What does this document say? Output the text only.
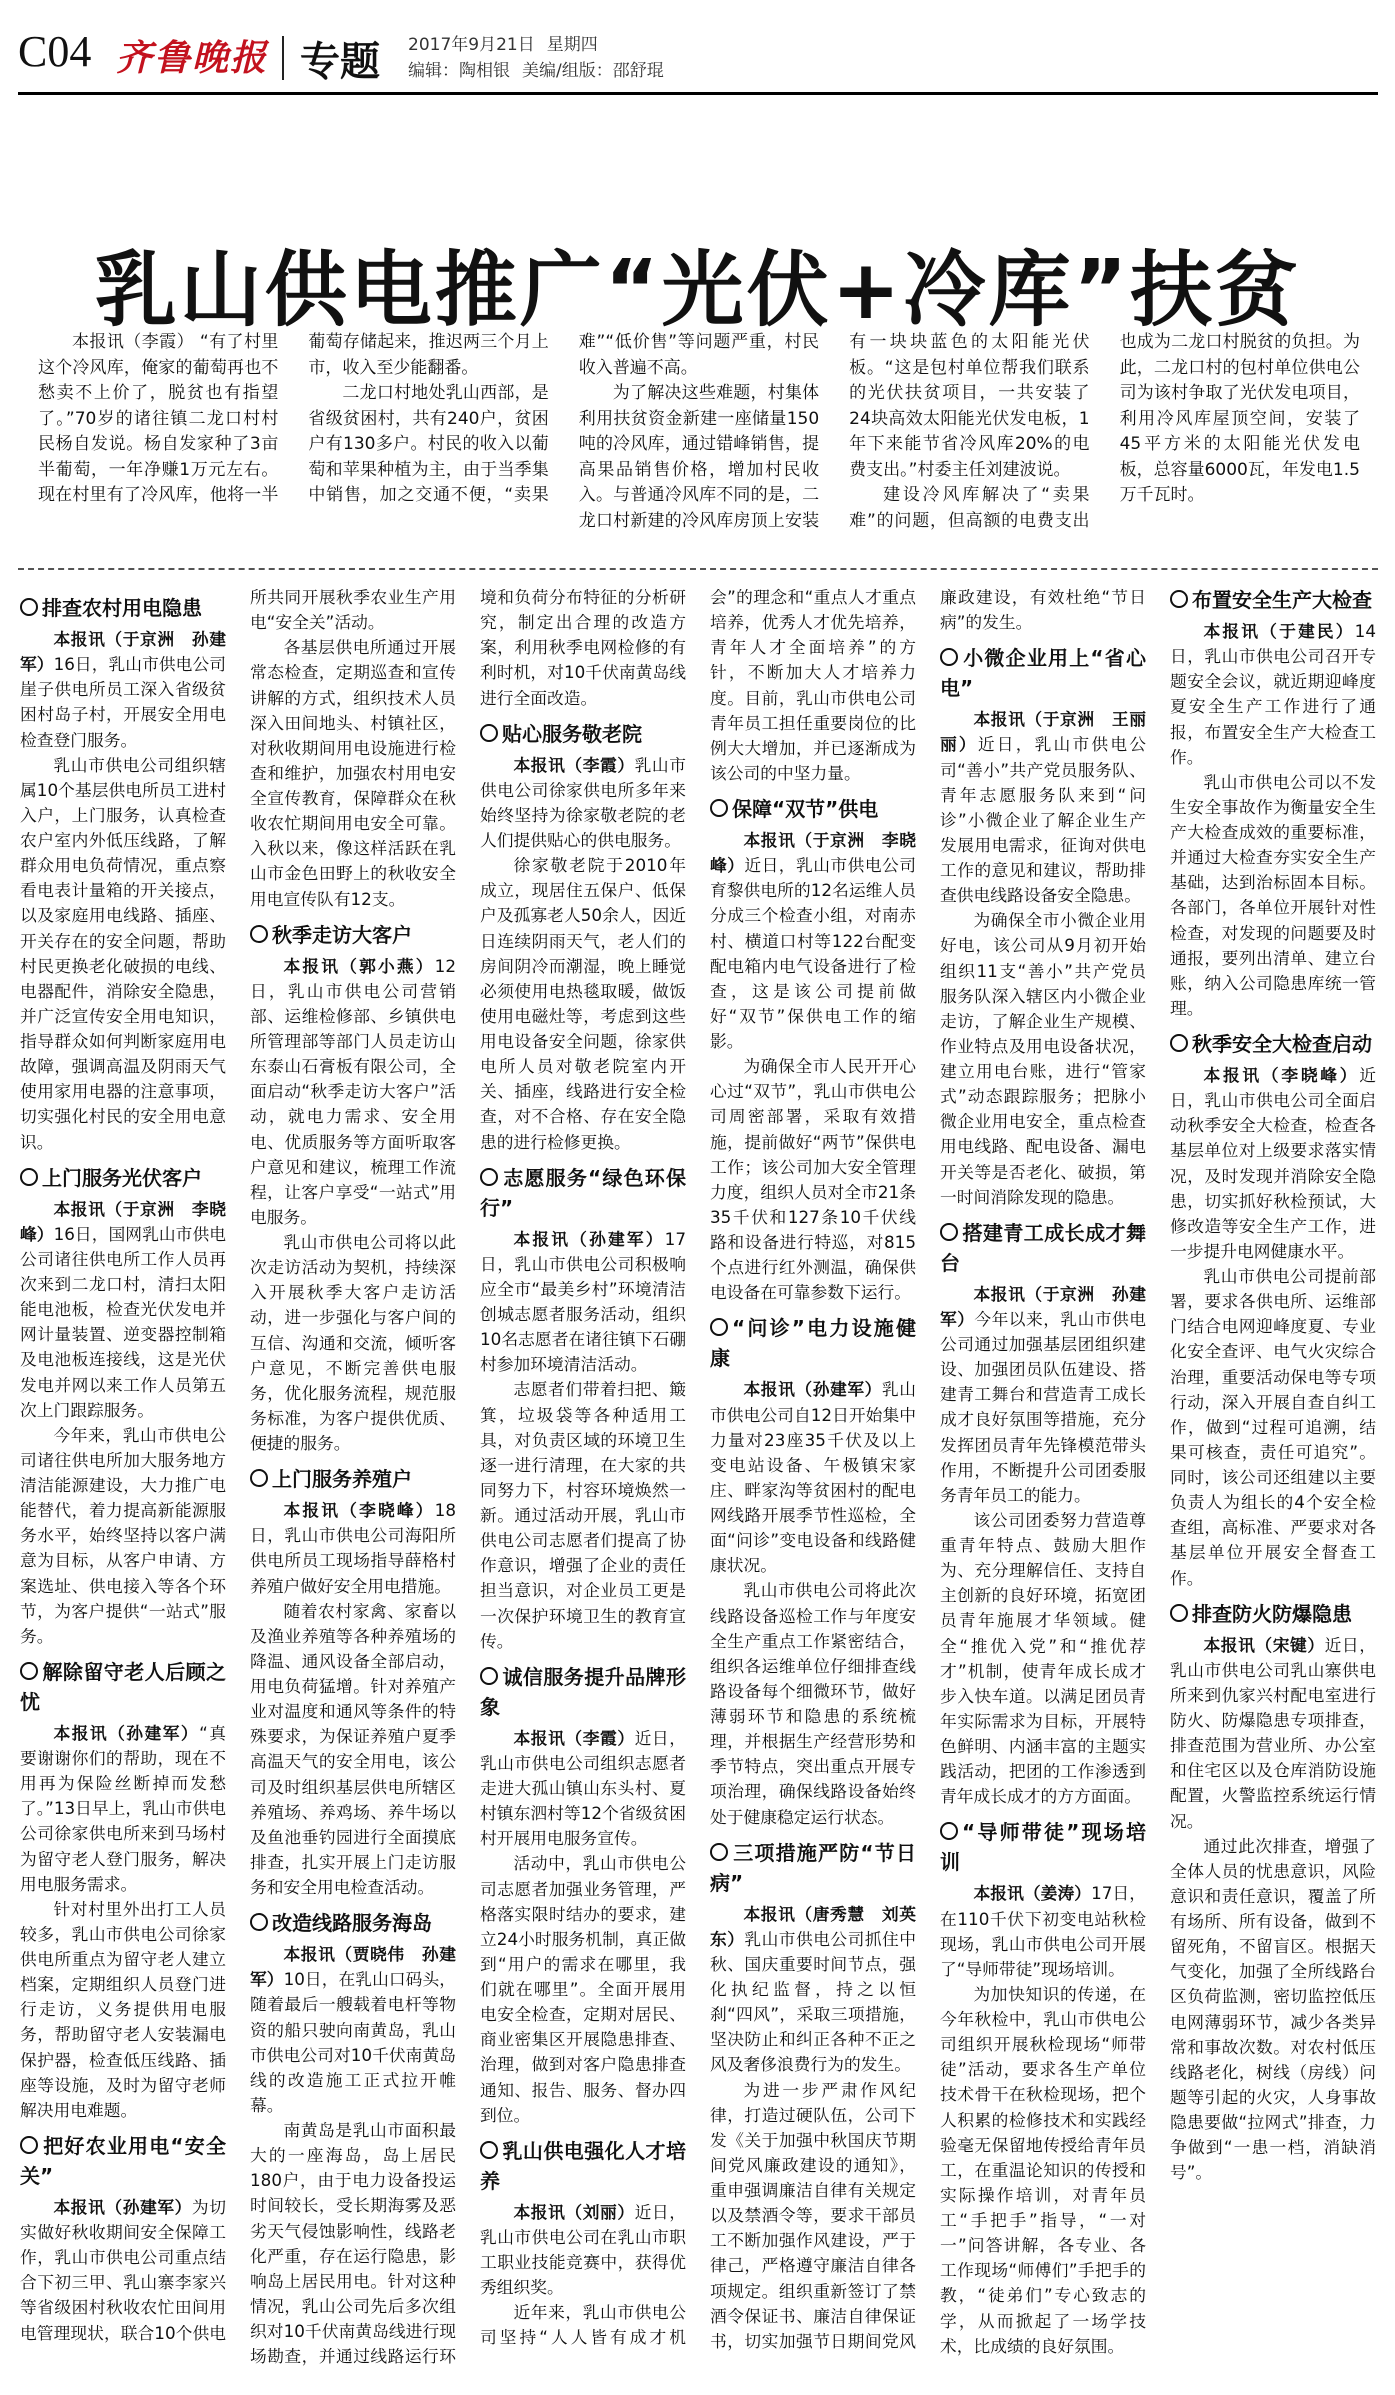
C04 齐鲁晚报 专题 2017年9月21日 星期四
编辑：陶相银 美编/组版：邵舒琨
乳山供电推广“光伏+冷库”扶贫

本报讯（李霞） “有了村里这个冷风库，俺家的葡萄再也不愁卖不上价了，脱贫也有指望了。”70岁的诸往镇二龙口村村民杨自发说。杨自发家种了3亩半葡萄，一年净赚1万元左右。现在村里有了冷风库，他将一半葡萄存储起来，推迟两三个月上市，收入至少能翻番。

二龙口村地处乳山西部，是省级贫困村，共有240户，贫困户有130多户。村民的收入以葡萄和苹果种植为主，由于当季集中销售，加之交通不便，“卖果难”“低价售”等问题严重，村民收入普遍不高。

为了解决这些难题，村集体利用扶贫资金新建一座储量150吨的冷风库，通过错峰销售，提高果品销售价格，增加村民收入。与普通冷风库不同的是，二龙口村新建的冷风库房顶上安装有一块块蓝色的太阳能光伏板。“这是包村单位帮我们联系的光伏扶贫项目，一共安装了24块高效太阳能光伏发电板，1年下来能节省冷风库20%的电费支出。”村委主任刘建波说。

建设冷风库解决了“卖果难”的问题，但高额的电费支出也成为二龙口村脱贫的负担。为此，二龙口村的包村单位供电公司为该村争取了光伏发电项目，利用冷风库屋顶空间，安装了45平方米的太阳能光伏发电板，总容量6000瓦，年发电1.5万千瓦时。

排查农村用电隐患

本报讯（于京洲　孙建军）16日，乳山市供电公司崖子供电所员工深入省级贫困村岛子村，开展安全用电检查登门服务。

乳山市供电公司组织辖属10个基层供电所员工进村入户，上门服务，认真检查农户室内外低压线路，了解群众用电负荷情况，重点察看电表计量箱的开关接点，以及家庭用电线路、插座、开关存在的安全问题，帮助村民更换老化破损的电线、电器配件，消除安全隐患，并广泛宣传安全用电知识，指导群众如何判断家庭用电故障，强调高温及阴雨天气使用家用电器的注意事项，切实强化村民的安全用电意识。

上门服务光伏客户

本报讯（于京洲　李晓峰）16日，国网乳山市供电公司诸往供电所工作人员再次来到二龙口村，清扫太阳能电池板，检查光伏发电并网计量装置、逆变器控制箱及电池板连接线，这是光伏发电并网以来工作人员第五次上门跟踪服务。

今年来，乳山市供电公司诸往供电所加大服务地方清洁能源建设，大力推广电能替代，着力提高新能源服务水平，始终坚持以客户满意为目标，从客户申请、方案选址、供电接入等各个环节，为客户提供“一站式”服务。

解除留守老人后顾之忧

本报讯（孙建军）“真要谢谢你们的帮助，现在不用再为保险丝断掉而发愁了。”13日早上，乳山市供电公司徐家供电所来到马场村为留守老人登门服务，解决用电服务需求。

针对村里外出打工人员较多，乳山市供电公司徐家供电所重点为留守老人建立档案，定期组织人员登门进行走访，义务提供用电服务，帮助留守老人安装漏电保护器，检查低压线路、插座等设施，及时为留守老师解决用电难题。

把好农业用电“安全关”

本报讯（孙建军）为切实做好秋收期间安全保障工作，乳山市供电公司重点结合下初三甲、乳山寨李家兴等省级困村秋收农忙田间用电管理现状，联合10个供电所共同开展秋季农业生产用电“安全关”活动。

各基层供电所通过开展常态检查，定期巡查和宣传讲解的方式，组织技术人员深入田间地头、村镇社区，对秋收期间用电设施进行检查和维护，加强农村用电安全宣传教育，保障群众在秋收农忙期间用电安全可靠。入秋以来，像这样活跃在乳山市金色田野上的秋收安全用电宣传队有12支。

秋季走访大客户

本报讯（郭小燕）12日，乳山市供电公司营销部、运维检修部、乡镇供电所管理部等部门人员走访山东泰山石膏板有限公司，全面启动“秋季走访大客户”活动，就电力需求、安全用电、优质服务等方面听取客户意见和建议，梳理工作流程，让客户享受“一站式”用电服务。

乳山市供电公司将以此次走访活动为契机，持续深入开展秋季大客户走访活动，进一步强化与客户间的互信、沟通和交流，倾听客户意见，不断完善供电服务，优化服务流程，规范服务标准，为客户提供优质、便捷的服务。

上门服务养殖户

本报讯（李晓峰）18日，乳山市供电公司海阳所供电所员工现场指导薛格村养殖户做好安全用电措施。

随着农村家禽、家畜以及渔业养殖等各种养殖场的降温、通风设备全部启动，用电负荷猛增。针对养殖产业对温度和通风等条件的特殊要求，为保证养殖户夏季高温天气的安全用电，该公司及时组织基层供电所辖区养殖场、养鸡场、养牛场以及鱼池垂钓园进行全面摸底排查，扎实开展上门走访服务和安全用电检查活动。

改造线路服务海岛

本报讯（贾晓伟　孙建军）10日，在乳山口码头，随着最后一艘载着电杆等物资的船只驶向南黄岛，乳山市供电公司对10千伏南黄岛线的改造施工正式拉开帷幕。

南黄岛是乳山市面积最大的一座海岛，岛上居民180户，由于电力设备投运时间较长，受长期海雾及恶劣天气侵蚀影响性，线路老化严重，存在运行隐患，影响岛上居民用电。针对这种情况，乳山公司先后多次组织对10千伏南黄岛线进行现场勘查，并通过线路运行环境和负荷分布特征的分析研究，制定出合理的改造方案，利用秋季电网检修的有利时机，对10千伏南黄岛线进行全面改造。

贴心服务敬老院

本报讯（李霞）乳山市供电公司徐家供电所多年来始终坚持为徐家敬老院的老人们提供贴心的供电服务。

徐家敬老院于2010年成立，现居住五保户、低保户及孤寡老人50余人，因近日连续阴雨天气，老人们的房间阴冷而潮湿，晚上睡觉必须使用电热毯取暖，做饭使用电磁灶等，考虑到这些用电设备安全问题，徐家供电所人员对敬老院室内开关、插座，线路进行安全检查，对不合格、存在安全隐患的进行检修更换。

志愿服务“绿色环保行”

本报讯（孙建军）17日，乳山市供电公司积极响应全市“最美乡村”环境清洁创城志愿者服务活动，组织10名志愿者在诸往镇下石硼村参加环境清洁活动。

志愿者们带着扫把、簸箕，垃圾袋等各种适用工具，对负责区域的环境卫生逐一进行清理，在大家的共同努力下，村容环境焕然一新。通过活动开展，乳山市供电公司志愿者们提高了协作意识，增强了企业的责任担当意识，对企业员工更是一次保护环境卫生的教育宣传。

诚信服务提升品牌形象

本报讯（李霞）近日，乳山市供电公司组织志愿者走进大孤山镇山东头村、夏村镇东泗村等12个省级贫困村开展用电服务宣传。

活动中，乳山市供电公司志愿者加强业务管理，严格落实限时结办的要求，建立24小时服务机制，真正做到“用户的需求在哪里，我们就在哪里”。全面开展用电安全检查，定期对居民、商业密集区开展隐患排查、治理，做到对客户隐患排查通知、报告、服务、督办四到位。

乳山供电强化人才培养

本报讯（刘丽）近日，乳山市供电公司在乳山市职工职业技能竞赛中，获得优秀组织奖。

近年来，乳山市供电公司坚持“人人皆有成才机会”的理念和“重点人才重点培养，优秀人才优先培养，青年人才全面培养”的方针，不断加大人才培养力度。目前，乳山市供电公司青年员工担任重要岗位的比例大大增加，并已逐渐成为该公司的中坚力量。

保障“双节”供电

本报讯（于京洲　李晓峰）近日，乳山市供电公司育黎供电所的12名运维人员分成三个检查小组，对南赤村、横道口村等122台配变配电箱内电气设备进行了检查，这是该公司提前做好“双节”保供电工作的缩影。

为确保全市人民开开心心过“双节”，乳山市供电公司周密部署，采取有效措施，提前做好“两节”保供电工作；该公司加大安全管理力度，组织人员对全市21条35千伏和127条10千伏线路和设备进行特巡，对815个点进行红外测温，确保供电设备在可靠参数下运行。

“问诊”电力设施健康

本报讯（孙建军）乳山市供电公司自12日开始集中力量对23座35千伏及以上变电站设备、午极镇宋家庄、畔家沟等贫困村的配电网线路开展季节性巡检，全面“问诊”变电设备和线路健康状况。

乳山市供电公司将此次线路设备巡检工作与年度安全生产重点工作紧密结合，组织各运维单位仔细排查线路设备每个细微环节，做好薄弱环节和隐患的系统梳理，并根据生产经营形势和季节特点，突出重点开展专项治理，确保线路设备始终处于健康稳定运行状态。

三项措施严防“节日病”

本报讯（唐秀慧　刘英东）乳山市供电公司抓住中秋、国庆重要时间节点，强化执纪监督，持之以恒刹“四风”，采取三项措施，坚决防止和纠正各种不正之风及奢侈浪费行为的发生。

为进一步严肃作风纪律，打造过硬队伍，公司下发《关于加强中秋国庆节期间党风廉政建设的通知》，重申强调廉洁自律有关规定以及禁酒令等，要求干部员工不断加强作风建设，严于律己，严格遵守廉洁自律各项规定。组织重新签订了禁酒令保证书、廉洁自律保证书，切实加强节日期间党风廉政建设，有效杜绝“节日病”的发生。

小微企业用上“省心电”

本报讯（于京洲　王丽丽）近日，乳山市供电公司“善小”共产党员服务队、青年志愿服务队来到“问诊”小微企业了解企业生产发展用电需求，征询对供电工作的意见和建议，帮助排查供电线路设备安全隐患。

为确保全市小微企业用好电，该公司从9月初开始组织11支“善小”共产党员服务队深入辖区内小微企业走访，了解企业生产规模、作业特点及用电设备状况，建立用电台账，进行“管家式”动态跟踪服务；把脉小微企业用电安全，重点检查用电线路、配电设备、漏电开关等是否老化、破损，第一时间消除发现的隐患。

搭建青工成长成才舞台

本报讯（于京洲　孙建军）今年以来，乳山市供电公司通过加强基层团组织建设、加强团员队伍建设、搭建青工舞台和营造青工成长成才良好氛围等措施，充分发挥团员青年先锋模范带头作用，不断提升公司团委服务青年员工的能力。

该公司团委努力营造尊重青年特点、鼓励大胆作为、充分理解信任、支持自主创新的良好环境，拓宽团员青年施展才华领域。健全“推优入党”和“推优荐才”机制，使青年成长成才步入快车道。以满足团员青年实际需求为目标，开展特色鲜明、内涵丰富的主题实践活动，把团的工作渗透到青年成长成才的方方面面。

“导师带徒”现场培训

本报讯（姜涛）17日，在110千伏下初变电站秋检现场，乳山市供电公司开展了“导师带徒”现场培训。

为加快知识的传递，在今年秋检中，乳山市供电公司组织开展秋检现场“师带徒”活动，要求各生产单位技术骨干在秋检现场，把个人积累的检修技术和实践经验毫无保留地传授给青年员工，在重温论知识的传授和实际操作培训，对青年员工“手把手”指导，“一对一”问答讲解，各专业、各工作现场“师傅们”手把手的教，“徒弟们”专心致志的学，从而掀起了一场学技术，比成绩的良好氛围。

布置安全生产大检查

本报讯（于建民）14日，乳山市供电公司召开专题安全会议，就近期迎峰度夏安全生产工作进行了通报，布置安全生产大检查工作。

乳山市供电公司以不发生安全事故作为衡量安全生产大检查成效的重要标准，并通过大检查夯实安全生产基础，达到治标固本目标。各部门，各单位开展针对性检查，对发现的问题要及时通报，要列出清单、建立台账，纳入公司隐患库统一管理。

秋季安全大检查启动

本报讯（李晓峰）近日，乳山市供电公司全面启动秋季安全大检查，检查各基层单位对上级要求落实情况，及时发现并消除安全隐患，切实抓好秋检预试，大修改造等安全生产工作，进一步提升电网健康水平。

乳山市供电公司提前部署，要求各供电所、运维部门结合电网迎峰度夏、专业化安全查评、电气火灾综合治理，重要活动保电等专项行动，深入开展自查自纠工作，做到“过程可追溯，结果可核查，责任可追究”。同时，该公司还组建以主要负责人为组长的4个安全检查组，高标准、严要求对各基层单位开展安全督查工作。

排查防火防爆隐患

本报讯（宋键）近日，乳山市供电公司乳山寨供电所来到仇家兴村配电室进行防火、防爆隐患专项排查，排查范围为营业所、办公室和住宅区以及仓库消防设施配置，火警监控系统运行情况。

通过此次排查，增强了全体人员的忧患意识，风险意识和责任意识，覆盖了所有场所、所有设备，做到不留死角，不留盲区。根据天气变化，加强了全所线路台区负荷监测，密切监控低压电网薄弱环节，减少各类异常和事故次数。对农村低压线路老化，树线（房线）问题等引起的火灾，人身事故隐患要做“拉网式”排查，力争做到“一患一档，消缺消号”。
